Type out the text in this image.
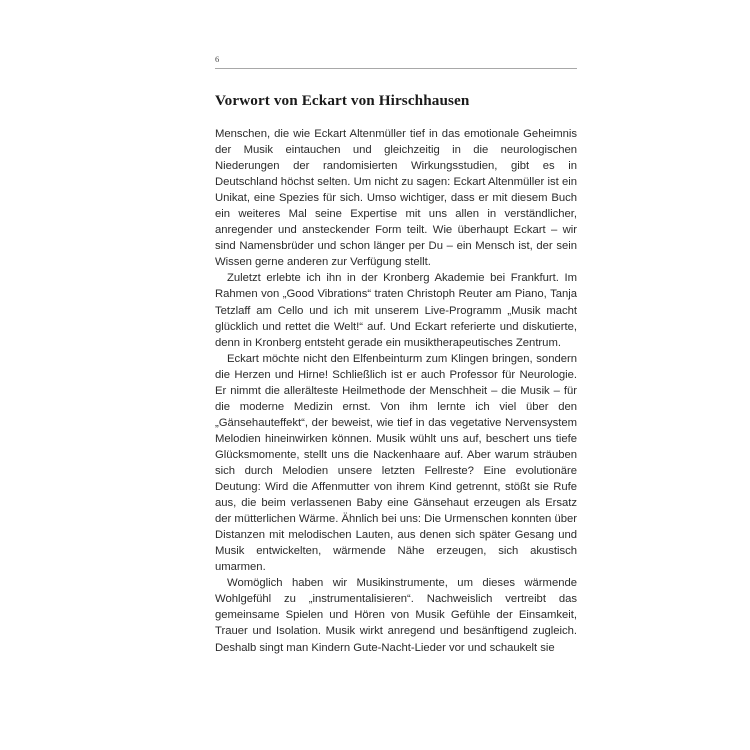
6
Vorwort von Eckart von Hirschhausen

Menschen, die wie Eckart Altenmüller tief in das emotionale Geheimnis der Musik eintauchen und gleichzeitig in die neurologischen Niederungen der randomisierten Wirkungsstudien, gibt es in Deutschland höchst selten. Um nicht zu sagen: Eckart Altenmüller ist ein Unikat, eine Spezies für sich. Umso wichtiger, dass er mit diesem Buch ein weiteres Mal seine Expertise mit uns allen in verständlicher, anregender und ansteckender Form teilt. Wie überhaupt Eckart – wir sind Namensbrüder und schon länger per Du – ein Mensch ist, der sein Wissen gerne anderen zur Verfügung stellt.

Zuletzt erlebte ich ihn in der Kronberg Akademie bei Frankfurt. Im Rahmen von „Good Vibrations“ traten Christoph Reuter am Piano, Tanja Tetzlaff am Cello und ich mit unserem Live-Programm „Musik macht glücklich und rettet die Welt!“ auf. Und Eckart referierte und diskutierte, denn in Kronberg entsteht gerade ein musiktherapeutisches Zentrum.

Eckart möchte nicht den Elfenbeinturm zum Klingen bringen, sondern die Herzen und Hirne! Schließlich ist er auch Professor für Neurologie. Er nimmt die allerälteste Heilmethode der Menschheit – die Musik – für die moderne Medizin ernst. Von ihm lernte ich viel über den „Gänsehauteffekt“, der beweist, wie tief in das vegetative Nervensystem Melodien hineinwirken können. Musik wühlt uns auf, beschert uns tiefe Glücksmomente, stellt uns die Nackenhaare auf. Aber warum sträuben sich durch Melodien unsere letzten Fellreste? Eine evolutionäre Deutung: Wird die Affenmutter von ihrem Kind getrennt, stößt sie Rufe aus, die beim verlassenen Baby eine Gänsehaut erzeugen als Ersatz der mütterlichen Wärme. Ähnlich bei uns: Die Urmenschen konnten über Distanzen mit melodischen Lauten, aus denen sich später Gesang und Musik entwickelten, wärmende Nähe erzeugen, sich akustisch umarmen.

Womöglich haben wir Musikinstrumente, um dieses wärmende Wohlgefühl zu „instrumentalisieren“. Nachweislich vertreibt das gemeinsame Spielen und Hören von Musik Gefühle der Einsamkeit, Trauer und Isolation. Musik wirkt anregend und besänftigend zugleich. Deshalb singt man Kindern Gute-Nacht-Lieder vor und schaukelt sie
